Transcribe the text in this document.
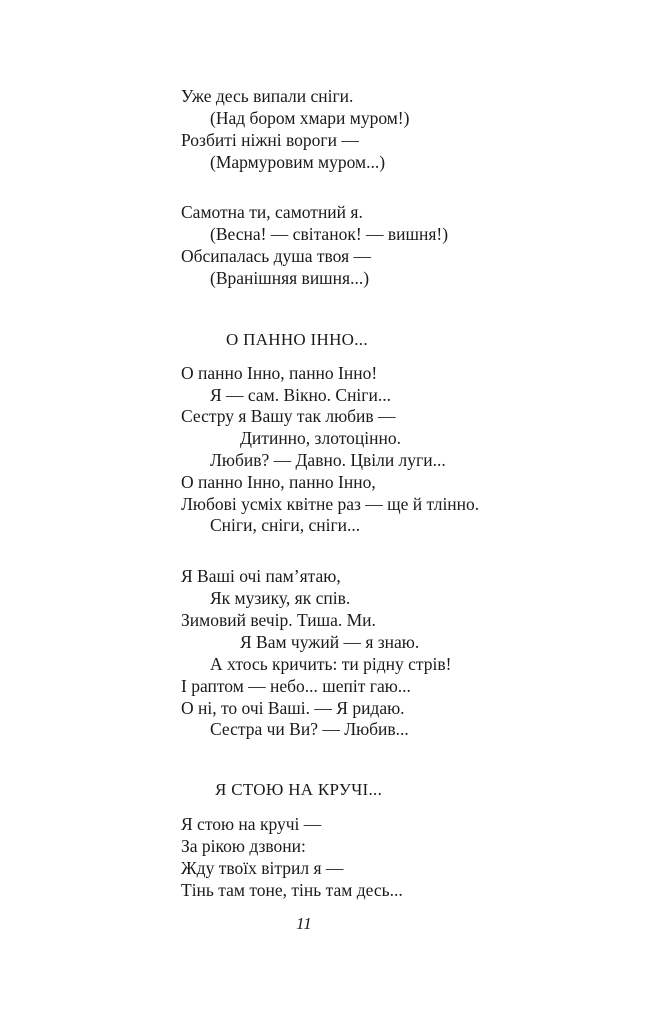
Уже десь випали сніги.
(Над бором хмари муром!)
Розбиті ніжні вороги —
(Мармуровим муром...)
Самотна ти, самотний я.
(Весна! — світанок! — вишня!)
Обсипалась душа твоя —
(Вранішняя вишня...)
О ПАННО ІННО...
О панно Інно, панно Інно!
Я — сам. Вікно. Сніги...
Сестру я Вашу так любив —
Дитинно, злотоцінно.
Любив? — Давно. Цвіли луги...
О панно Інно, панно Інно,
Любові усміх квітне раз — ще й тлінно.
Сніги, сніги, сніги...
Я Ваші очі пам’ятаю,
Як музику, як спів.
Зимовий вечір. Тиша. Ми.
Я Вам чужий — я знаю.
А хтось кричить: ти рідну стрів!
І раптом — небо... шепіт гаю...
О ні, то очі Ваші. — Я ридаю.
Сестра чи Ви? — Любив...
Я СТОЮ НА КРУЧІ...
Я стою на кручі —
За рікою дзвони:
Жду твоїх вітрил я —
Тінь там тоне, тінь там десь...
11
